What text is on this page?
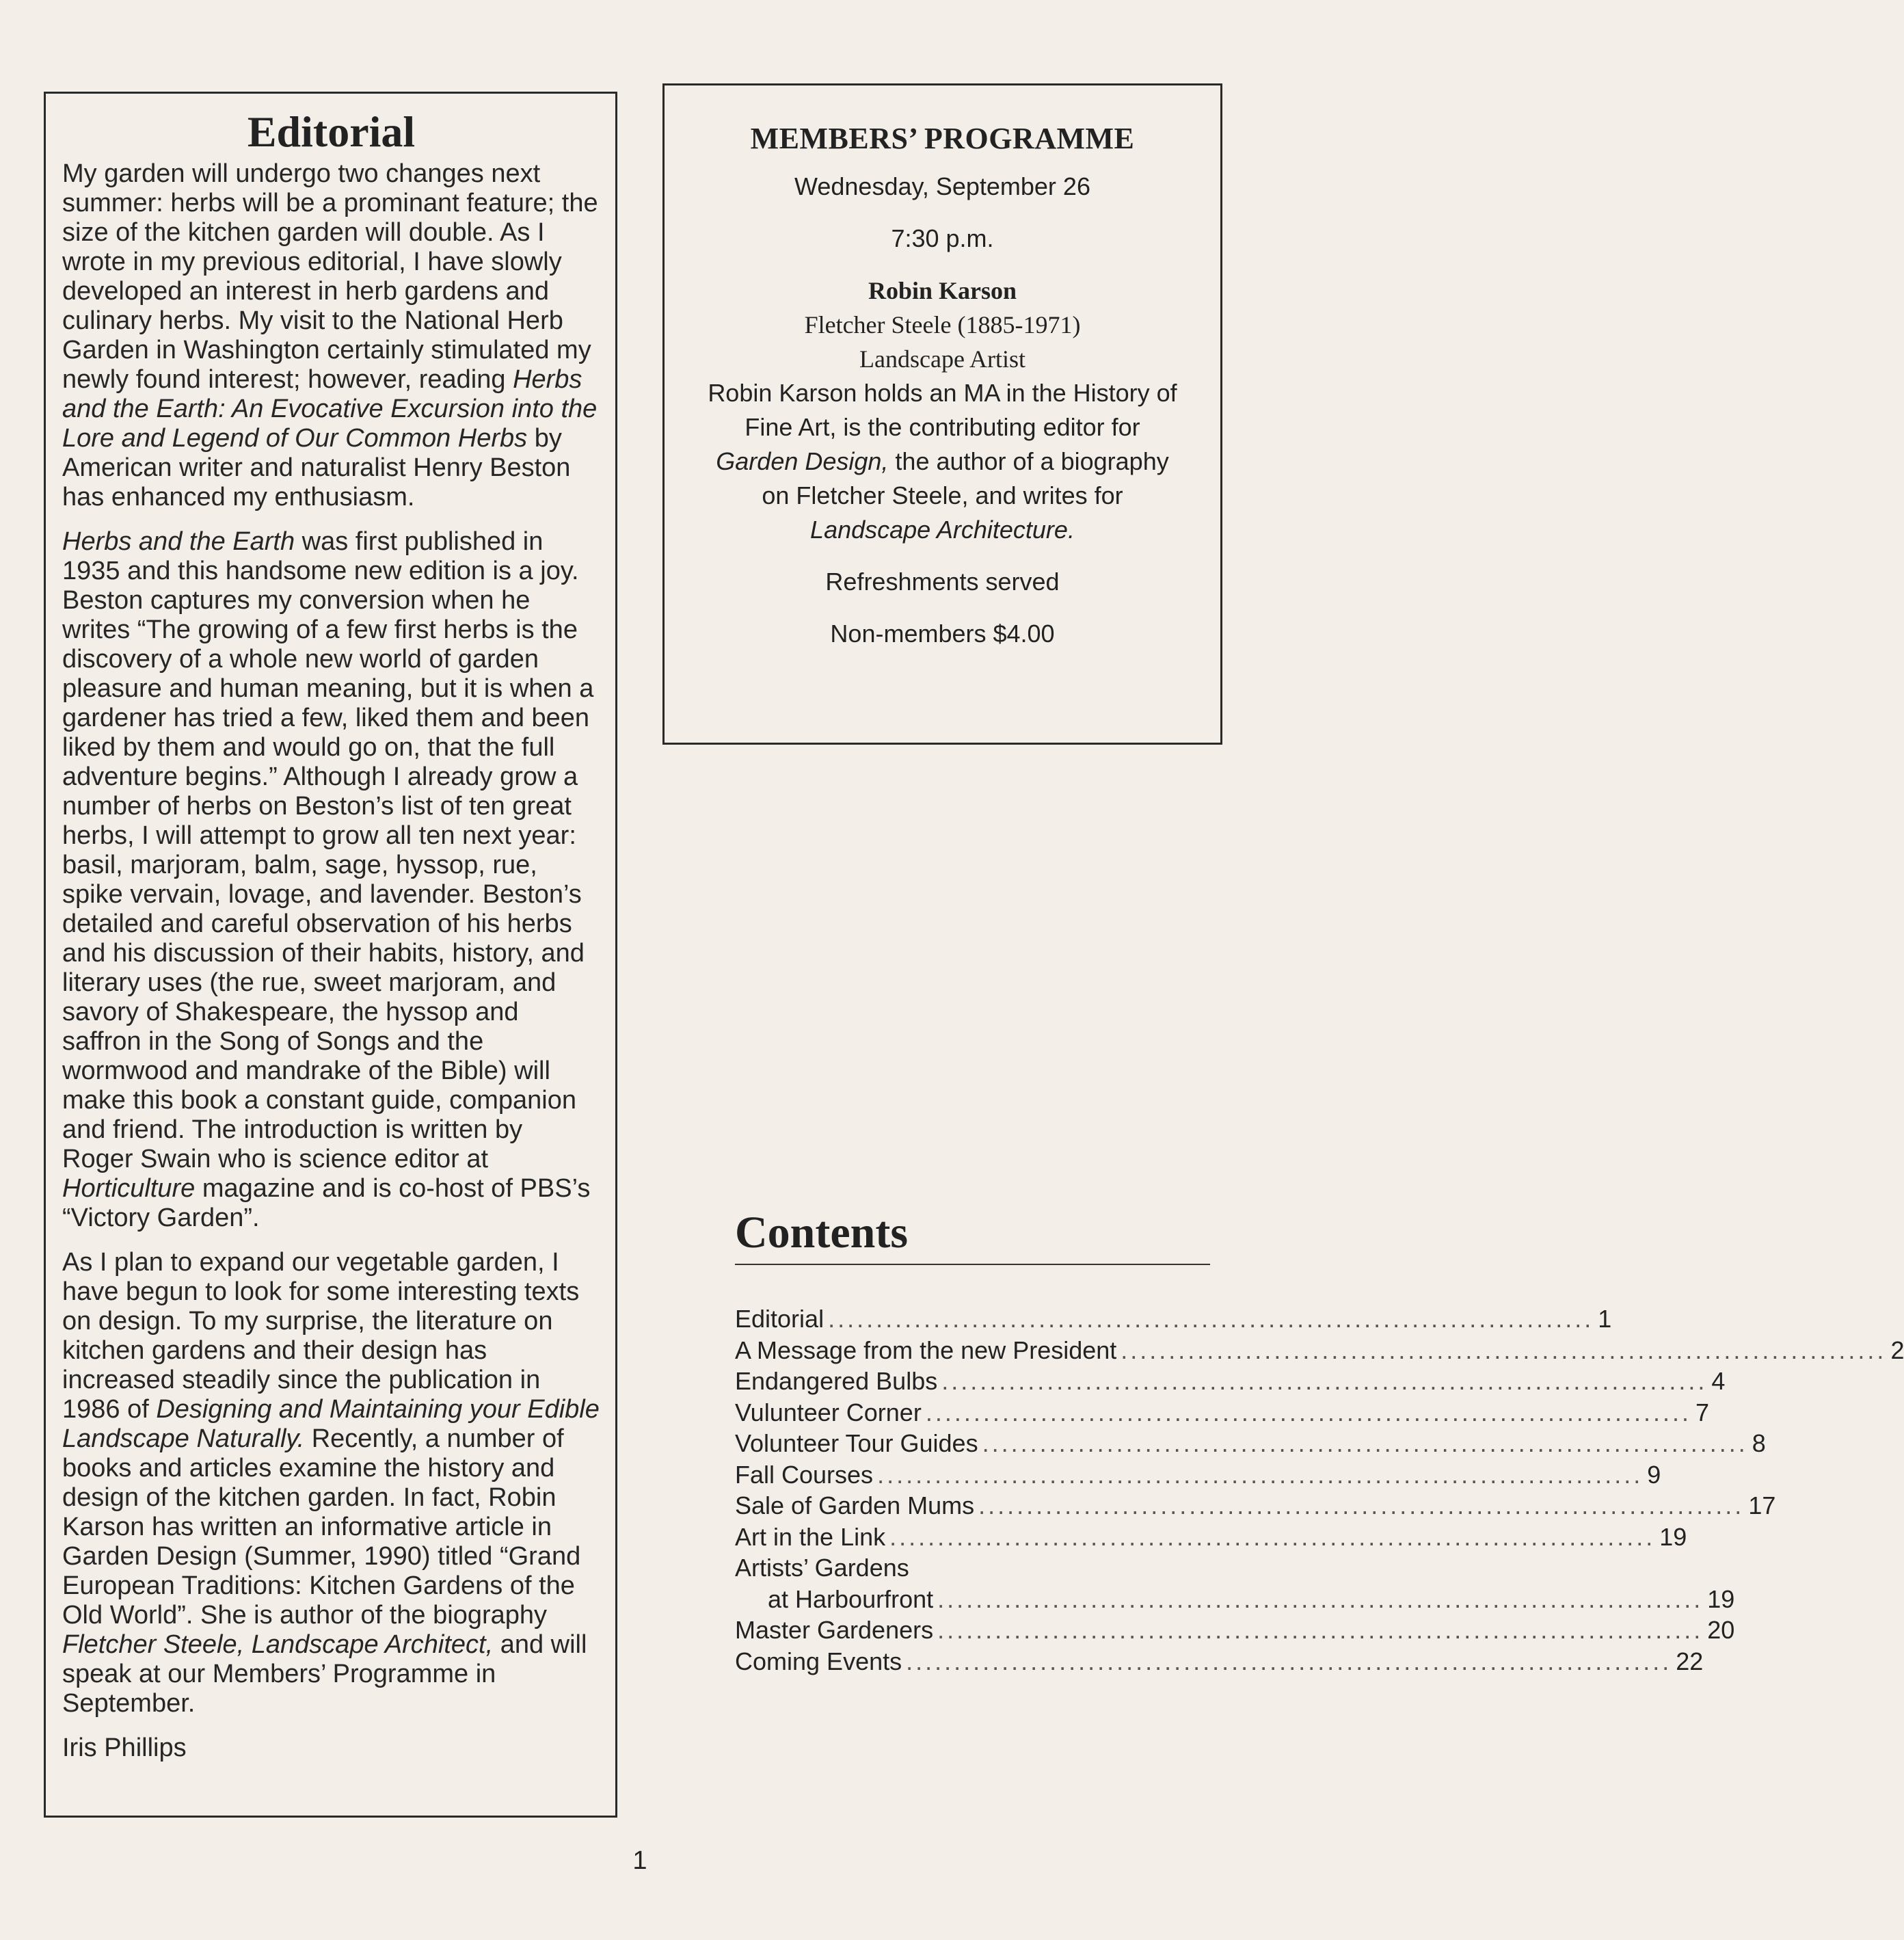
Editorial

My garden will undergo two changes next summer: herbs will be a prominant feature; the size of the kitchen garden will double. As I wrote in my previous editorial, I have slowly developed an interest in herb gardens and culinary herbs. My visit to the National Herb Garden in Washington certainly stimulated my newly found interest; however, reading Herbs and the Earth: An Evocative Excursion into the Lore and Legend of Our Common Herbs by American writer and naturalist Henry Beston has enhanced my enthusiasm.

Herbs and the Earth was first published in 1935 and this handsome new edition is a joy. Beston captures my conversion when he writes “The growing of a few first herbs is the discovery of a whole new world of garden pleasure and human meaning, but it is when a gardener has tried a few, liked them and been liked by them and would go on, that the full adventure begins.” Although I already grow a number of herbs on Beston’s list of ten great herbs, I will attempt to grow all ten next year: basil, marjoram, balm, sage, hyssop, rue, spike vervain, lovage, and lavender. Beston’s detailed and careful observation of his herbs and his discussion of their habits, history, and literary uses (the rue, sweet marjoram, and savory of Shakespeare, the hyssop and saffron in the Song of Songs and the wormwood and mandrake of the Bible) will make this book a constant guide, companion and friend. The introduction is written by Roger Swain who is science editor at Horticulture magazine and is co-host of PBS’s “Victory Garden”.

As I plan to expand our vegetable garden, I have begun to look for some interesting texts on design. To my surprise, the literature on kitchen gardens and their design has increased steadily since the publication in 1986 of Designing and Maintaining your Edible Landscape Naturally. Recently, a number of books and articles examine the history and design of the kitchen garden. In fact, Robin Karson has written an informative article in Garden Design (Summer, 1990) titled “Grand European Traditions: Kitchen Gardens of the Old World”. She is author of the biography Fletcher Steele, Landscape Architect, and will speak at our Members’ Programme in September.

Iris Phillips

MEMBERS’ PROGRAMME

Wednesday, September 26

7:30 p.m.

Robin Karson

Fletcher Steele (1885-1971)

Landscape Artist

Robin Karson holds an MA in the History of Fine Art, is the contributing editor for Garden Design, the author of a biography on Fletcher Steele, and writes for Landscape Architecture.

Refreshments served

Non-members $4.00

Contents
Editorial ................................................................................ 1
A Message from the new President ................................................................................ 2
Endangered Bulbs ................................................................................ 4
Vulunteer Corner ................................................................................ 7
Volunteer Tour Guides ................................................................................ 8
Fall Courses ................................................................................ 9
Sale of Garden Mums ................................................................................ 17
Art in the Link ................................................................................ 19
Artists’ Gardens
at Harbourfront ................................................................................ 19
Master Gardeners ................................................................................ 20
Coming Events ................................................................................ 22
1
